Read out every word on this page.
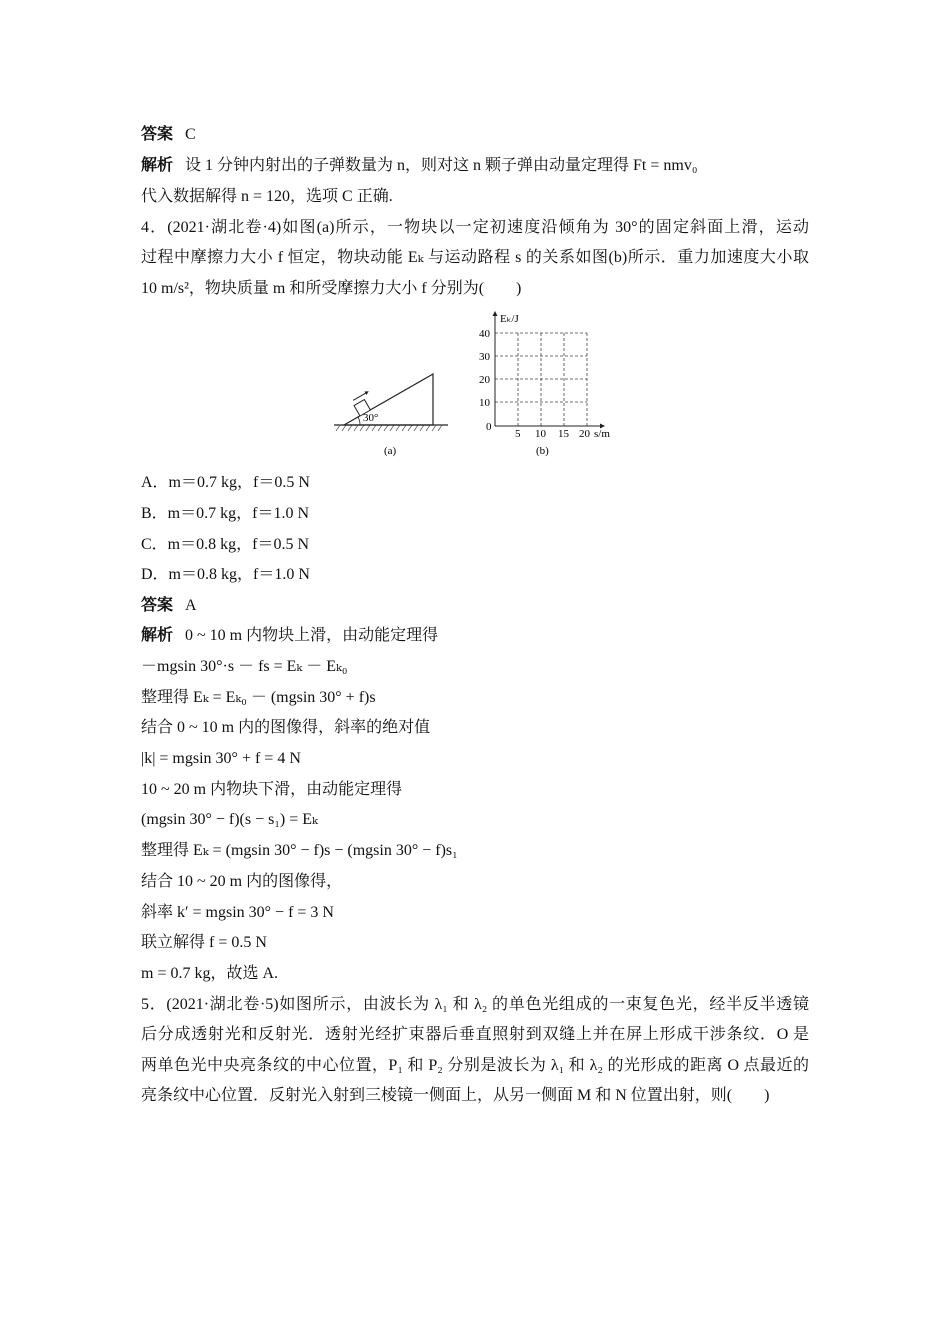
答案 C
解析 设 1 分钟内射出的子弹数量为 n，则对这 n 颗子弹由动量定理得 Ft = nmv₀
代入数据解得 n = 120，选项 C 正确.
4．(2021·湖北卷·4)如图(a)所示，一物块以一定初速度沿倾角为 30°的固定斜面上滑，运动
过程中摩擦力大小 f 恒定，物块动能 Eₖ 与运动路程 s 的关系如图(b)所示．重力加速度大小取
10 m/s²，物块质量 m 和所受摩擦力大小 f 分别为(　　)
30°
(a)
Eₖ/J
s/m
0
10
20
30
40
5 10 15 20
(b)
A．m＝0.7 kg，f＝0.5 N
B．m＝0.7 kg，f＝1.0 N
C．m＝0.8 kg，f＝0.5 N
D．m＝0.8 kg，f＝1.0 N
答案 A
解析 0 ~ 10 m 内物块上滑，由动能定理得
－mgsin 30°·s － fs = Eₖ － Eₖ₀
整理得 Eₖ = Eₖ₀ － (mgsin 30° + f)s
结合 0 ~ 10 m 内的图像得，斜率的绝对值
|k| = mgsin 30° + f = 4 N
10 ~ 20 m 内物块下滑，由动能定理得
(mgsin 30° − f)(s − s₁) = Eₖ
整理得 Eₖ = (mgsin 30° − f)s − (mgsin 30° − f)s₁
结合 10 ~ 20 m 内的图像得，
斜率 k′ = mgsin 30° − f = 3 N
联立解得 f = 0.5 N
m = 0.7 kg，故选 A.
5．(2021·湖北卷·5)如图所示，由波长为 λ₁ 和 λ₂ 的单色光组成的一束复色光，经半反半透镜
后分成透射光和反射光．透射光经扩束器后垂直照射到双缝上并在屏上形成干涉条纹．O 是
两单色光中央亮条纹的中心位置，P₁ 和 P₂ 分别是波长为 λ₁ 和 λ₂ 的光形成的距离 O 点最近的
亮条纹中心位置．反射光入射到三棱镜一侧面上，从另一侧面 M 和 N 位置出射，则(　　)
